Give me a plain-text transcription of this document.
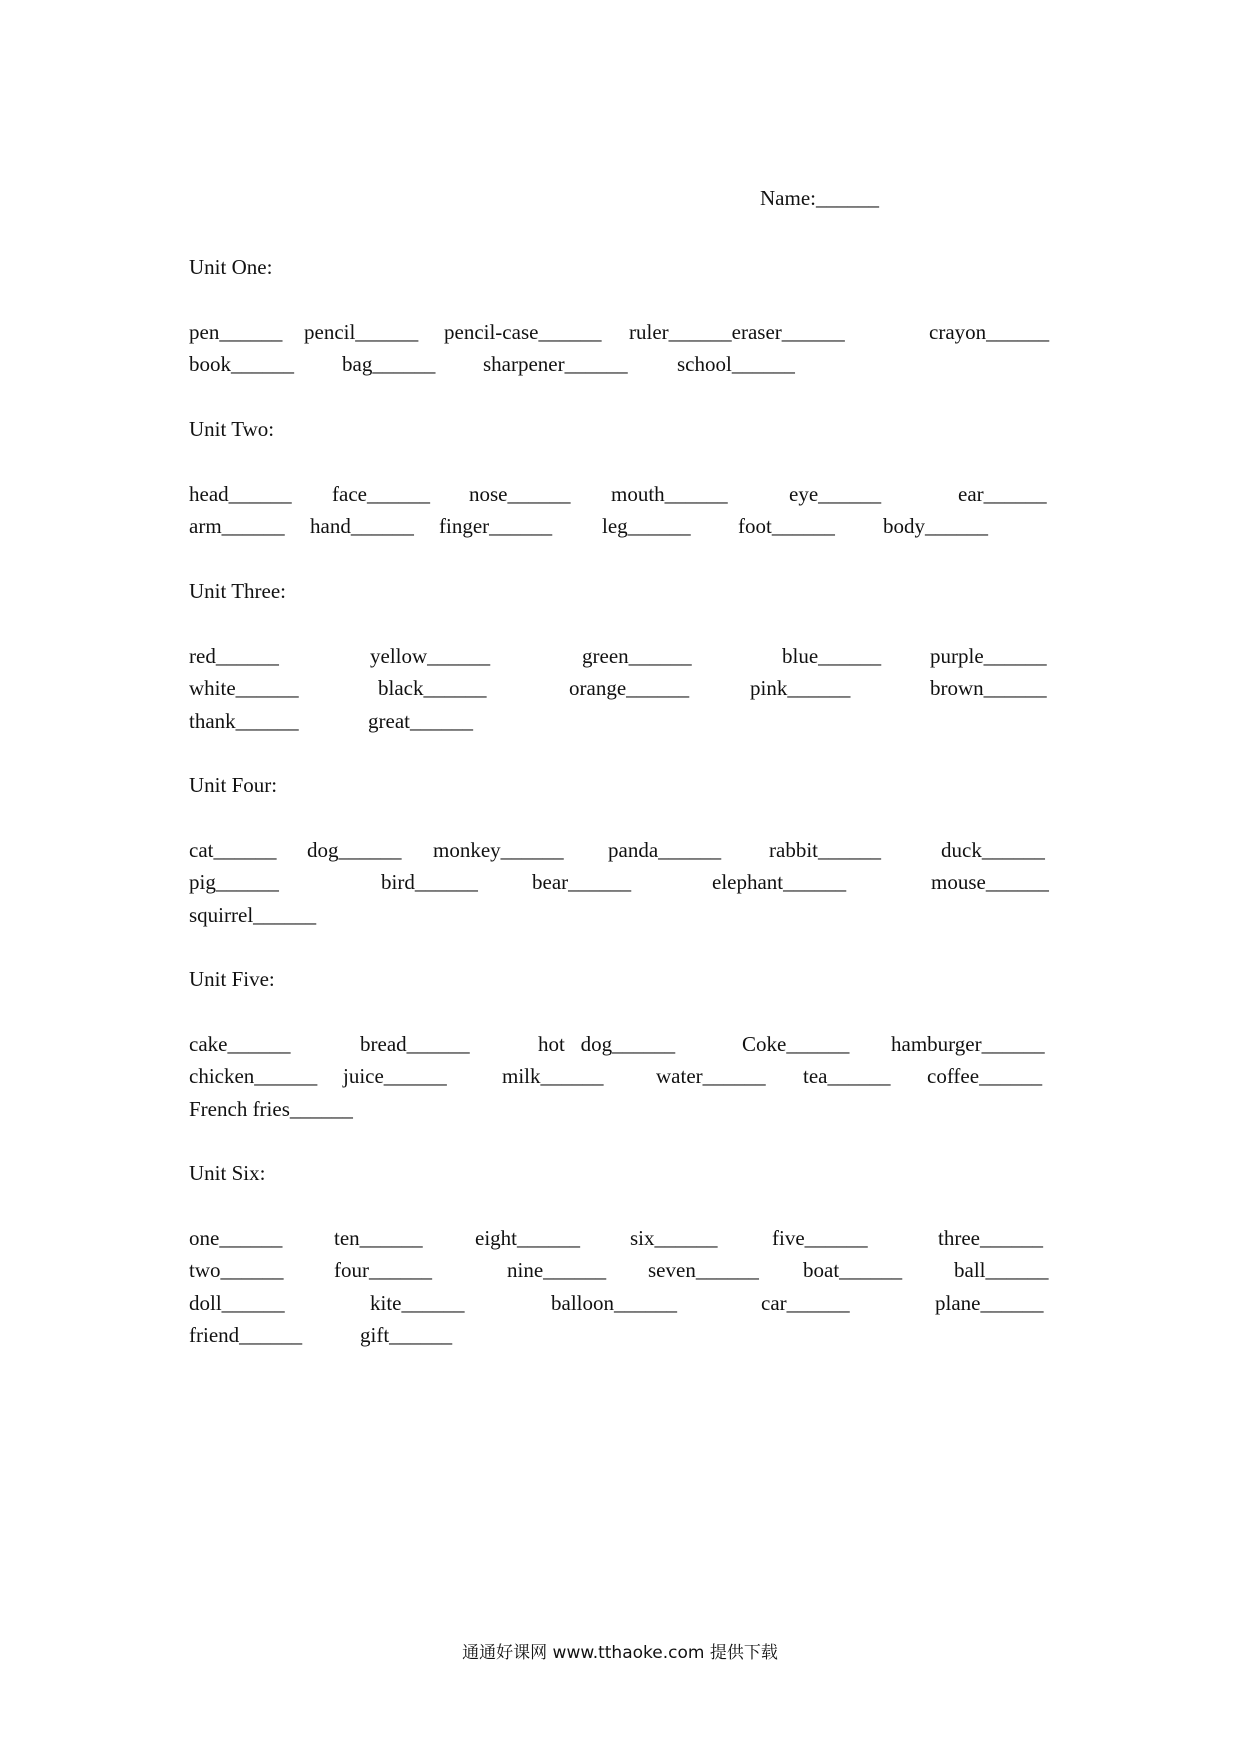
Name:______
Unit One:
pen______ pencil______ pencil-case______ ruler______eraser______	crayon______
book______ bag______ sharpener______ school______
Unit Two:
head______ face______ nose______ mouth______	eye______	ear______
arm______ hand______ finger______ leg______ foot______ body______
Unit Three:
red______	yellow______	green______	blue______ purple______
white______	black______	orange______	pink______	brown______
thank______	great______
Unit Four:
cat______ dog______ monkey______ panda______ rabbit______	duck______
pig______	bird______	bear______	elephant______	mouse______
squirrel______
Unit Five:
cake______	bread______	hot   dog______	Coke______ hamburger______
chicken______ juice______	milk______ water______ tea______ coffee______
French fries______
Unit Six:
one______ ten______ eight______ six______	five______	three______
two______ four______	nine______ seven______ boat______ ball______
doll______	kite______	balloon______	car______	plane______
friend______	gift______
通通好课网 www.tthaoke.com 提供下载
